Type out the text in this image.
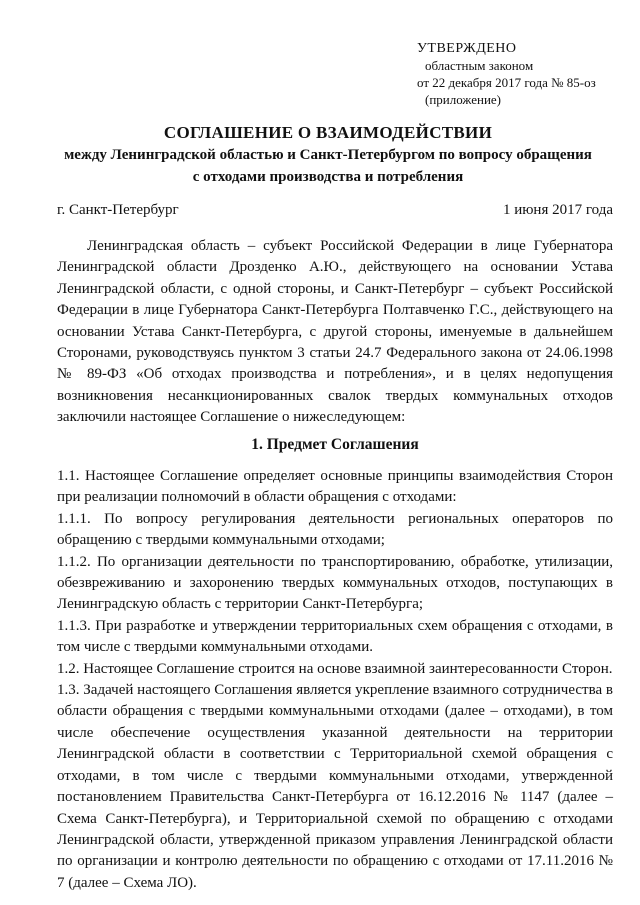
УТВЕРЖДЕНО
областным законом
от 22 декабря 2017 года № 85-оз
(приложение)
СОГЛАШЕНИЕ О ВЗАИМОДЕЙСТВИИ
между Ленинградской областью и Санкт-Петербургом по вопросу обращения
с отходами производства и потребления
г. Санкт-Петербург	1 июня 2017 года

Ленинградская область – субъект Российской Федерации в лице Губернатора Ленинградской области Дрозденко А.Ю., действующего на основании Устава Ленинградской области, с одной стороны, и Санкт-Петербург – субъект Российской Федерации в лице Губернатора Санкт-Петербурга Полтавченко Г.С., действующего на основании Устава Санкт-Петербурга, с другой стороны, именуемые в дальнейшем Сторонами, руководствуясь пунктом 3 статьи 24.7 Федерального закона от 24.06.1998 № 89-ФЗ «Об отходах производства и потребления», и в целях недопущения возникновения несанкционированных свалок твердых коммунальных отходов заключили настоящее Соглашение о нижеследующем:

1. Предмет Соглашения

1.1. Настоящее Соглашение определяет основные принципы взаимодействия Сторон при реализации полномочий в области обращения с отходами:

1.1.1. По вопросу регулирования деятельности региональных операторов по обращению с твердыми коммунальными отходами;

1.1.2. По организации деятельности по транспортированию, обработке, утилизации, обезвреживанию и захоронению твердых коммунальных отходов, поступающих в Ленинградскую область с территории Санкт-Петербурга;

1.1.3. При разработке и утверждении территориальных схем обращения с отходами, в том числе с твердыми коммунальными отходами.

1.2. Настоящее Соглашение строится на основе взаимной заинтересованности Сторон.

1.3. Задачей настоящего Соглашения является укрепление взаимного сотрудничества в области обращения с твердыми коммунальными отходами (далее – отходами), в том числе обеспечение осуществления указанной деятельности на территории Ленинградской области в соответствии с Территориальной схемой обращения с отходами, в том числе с твердыми коммунальными отходами, утвержденной постановлением Правительства Санкт-Петербурга от 16.12.2016 № 1147 (далее – Схема Санкт-Петербурга), и Территориальной схемой по обращению с отходами Ленинградской области, утвержденной приказом управления Ленинградской области по организации и контролю деятельности по обращению с отходами от 17.11.2016 № 7 (далее – Схема ЛО).
